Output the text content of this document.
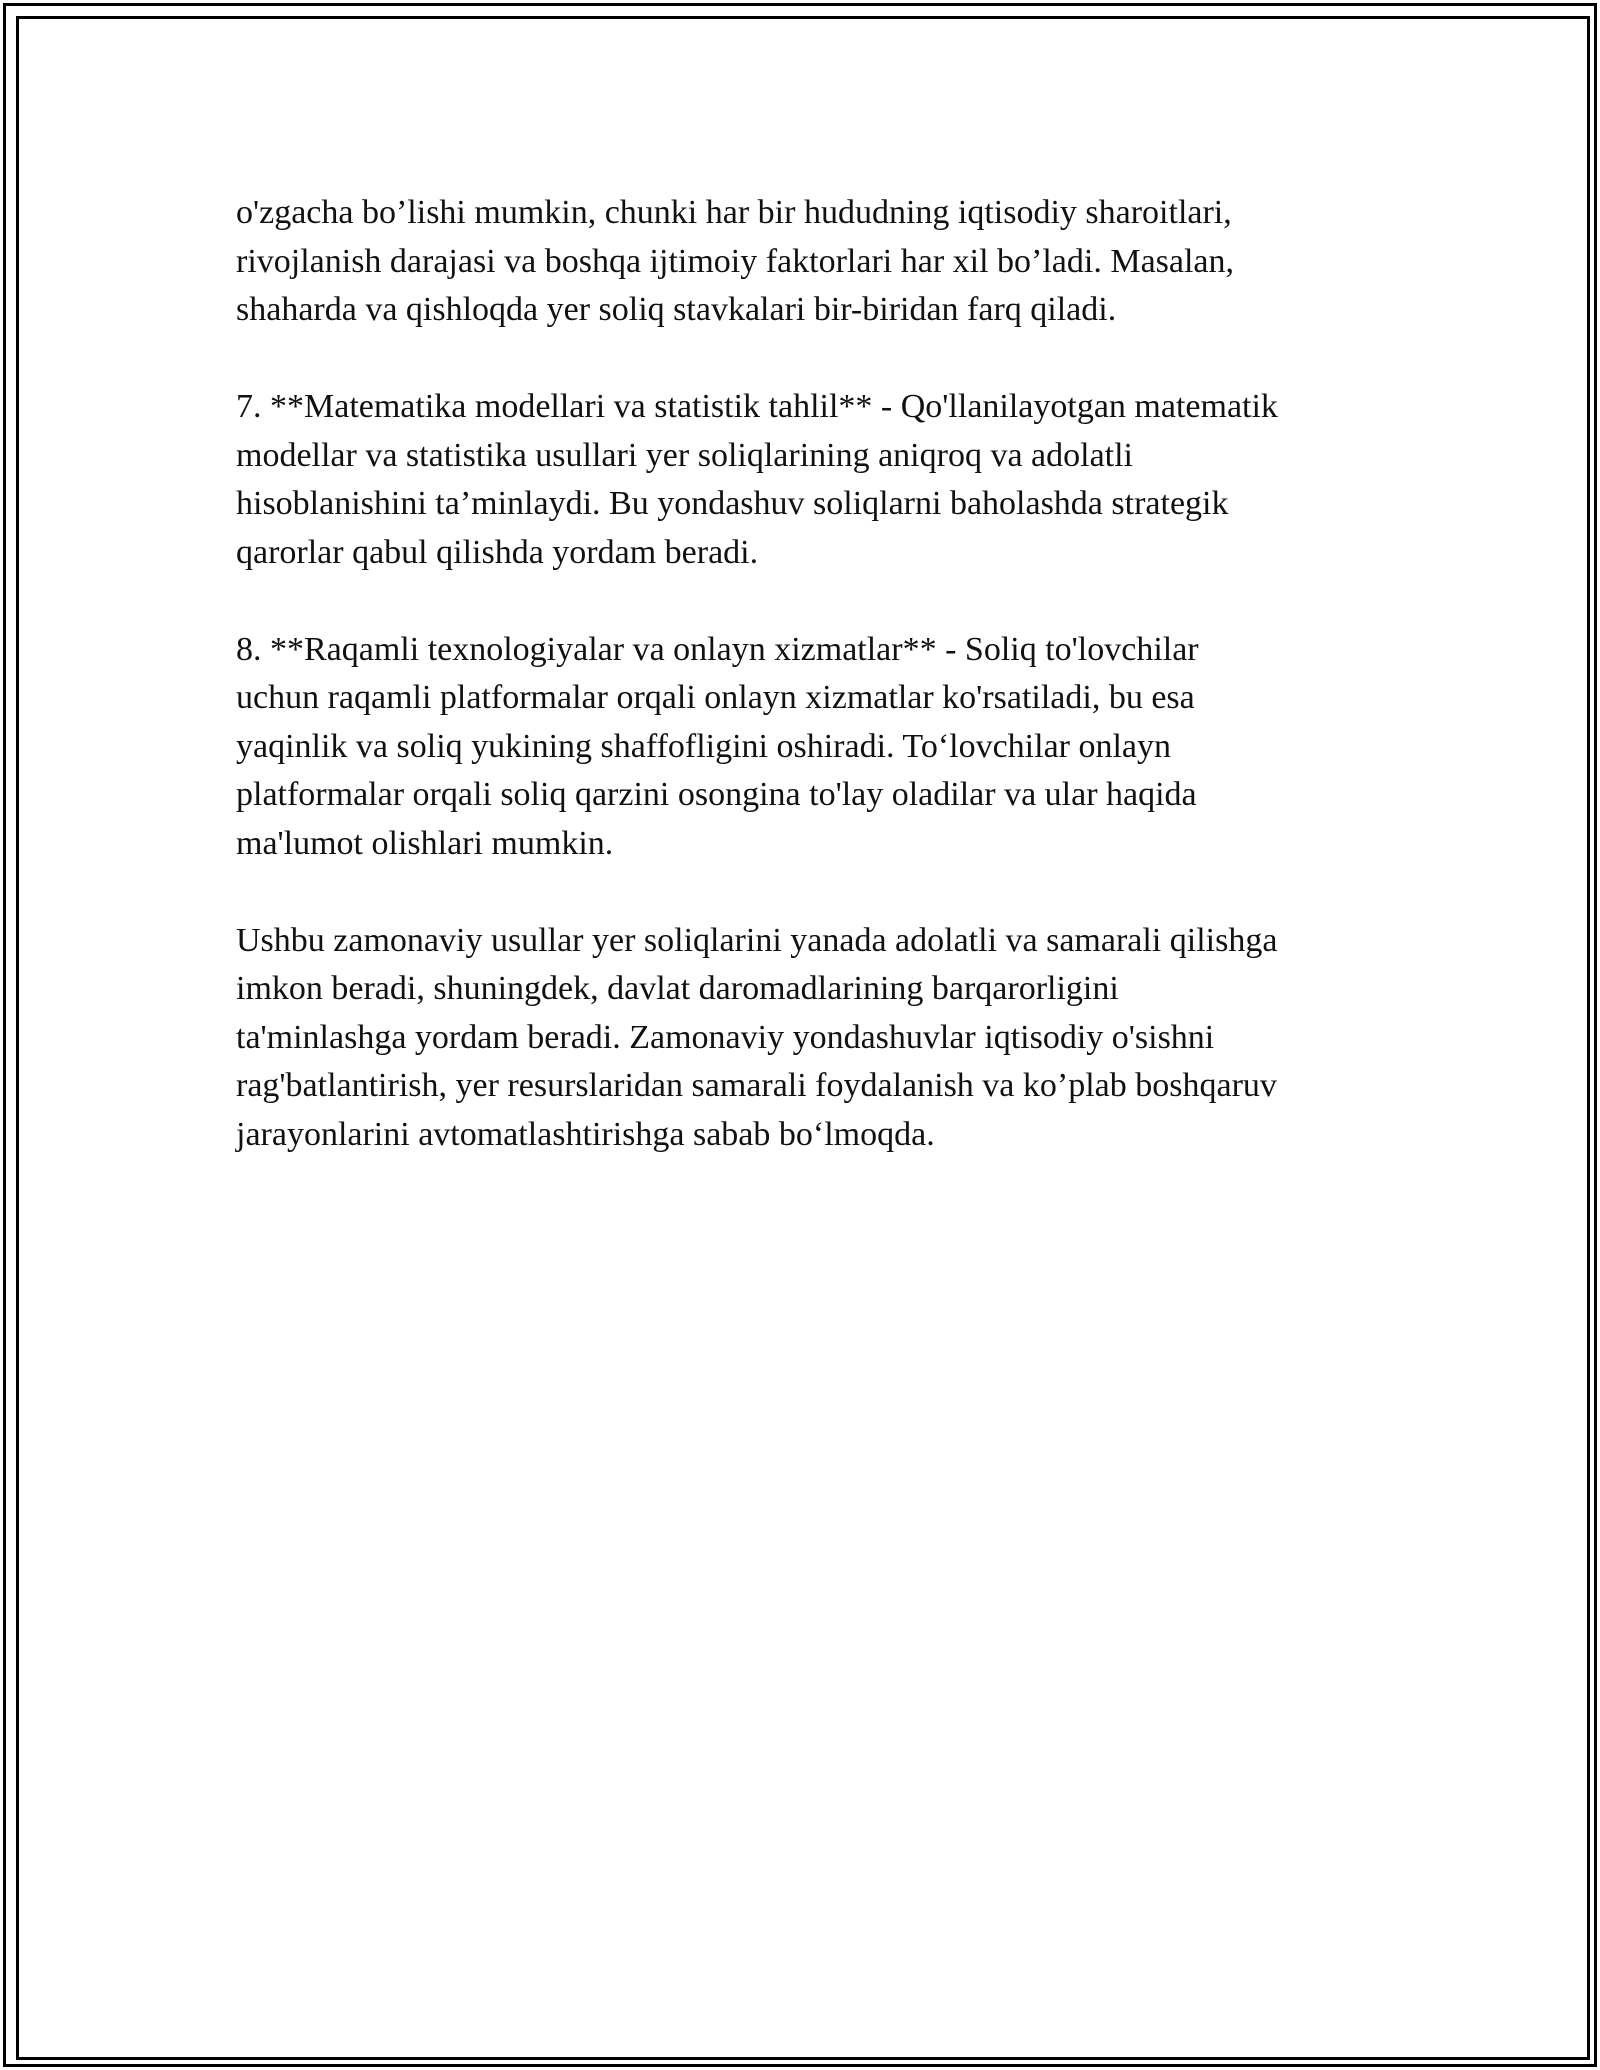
o'zgacha bo’lishi mumkin, chunki har bir hududning iqtisodiy sharoitlari,
rivojlanish darajasi va boshqa ijtimoiy faktorlari har xil bo’ladi. Masalan,
shaharda va qishloqda yer soliq stavkalari bir-biridan farq qiladi.

7. **Matematika modellari va statistik tahlil** - Qo'llanilayotgan matematik
modellar va statistika usullari yer soliqlarining aniqroq va adolatli
hisoblanishini ta’minlaydi. Bu yondashuv soliqlarni baholashda strategik
qarorlar qabul qilishda yordam beradi.

8. **Raqamli texnologiyalar va onlayn xizmatlar** - Soliq to'lovchilar
uchun raqamli platformalar orqali onlayn xizmatlar ko'rsatiladi, bu esa
yaqinlik va soliq yukining shaffofligini oshiradi. To‘lovchilar onlayn
platformalar orqali soliq qarzini osongina to'lay oladilar va ular haqida
ma'lumot olishlari mumkin.

Ushbu zamonaviy usullar yer soliqlarini yanada adolatli va samarali qilishga
imkon beradi, shuningdek, davlat daromadlarining barqarorligini
ta'minlashga yordam beradi. Zamonaviy yondashuvlar iqtisodiy o'sishni
rag'batlantirish, yer resurslaridan samarali foydalanish va ko’plab boshqaruv
jarayonlarini avtomatlashtirishga sabab bo‘lmoqda.
